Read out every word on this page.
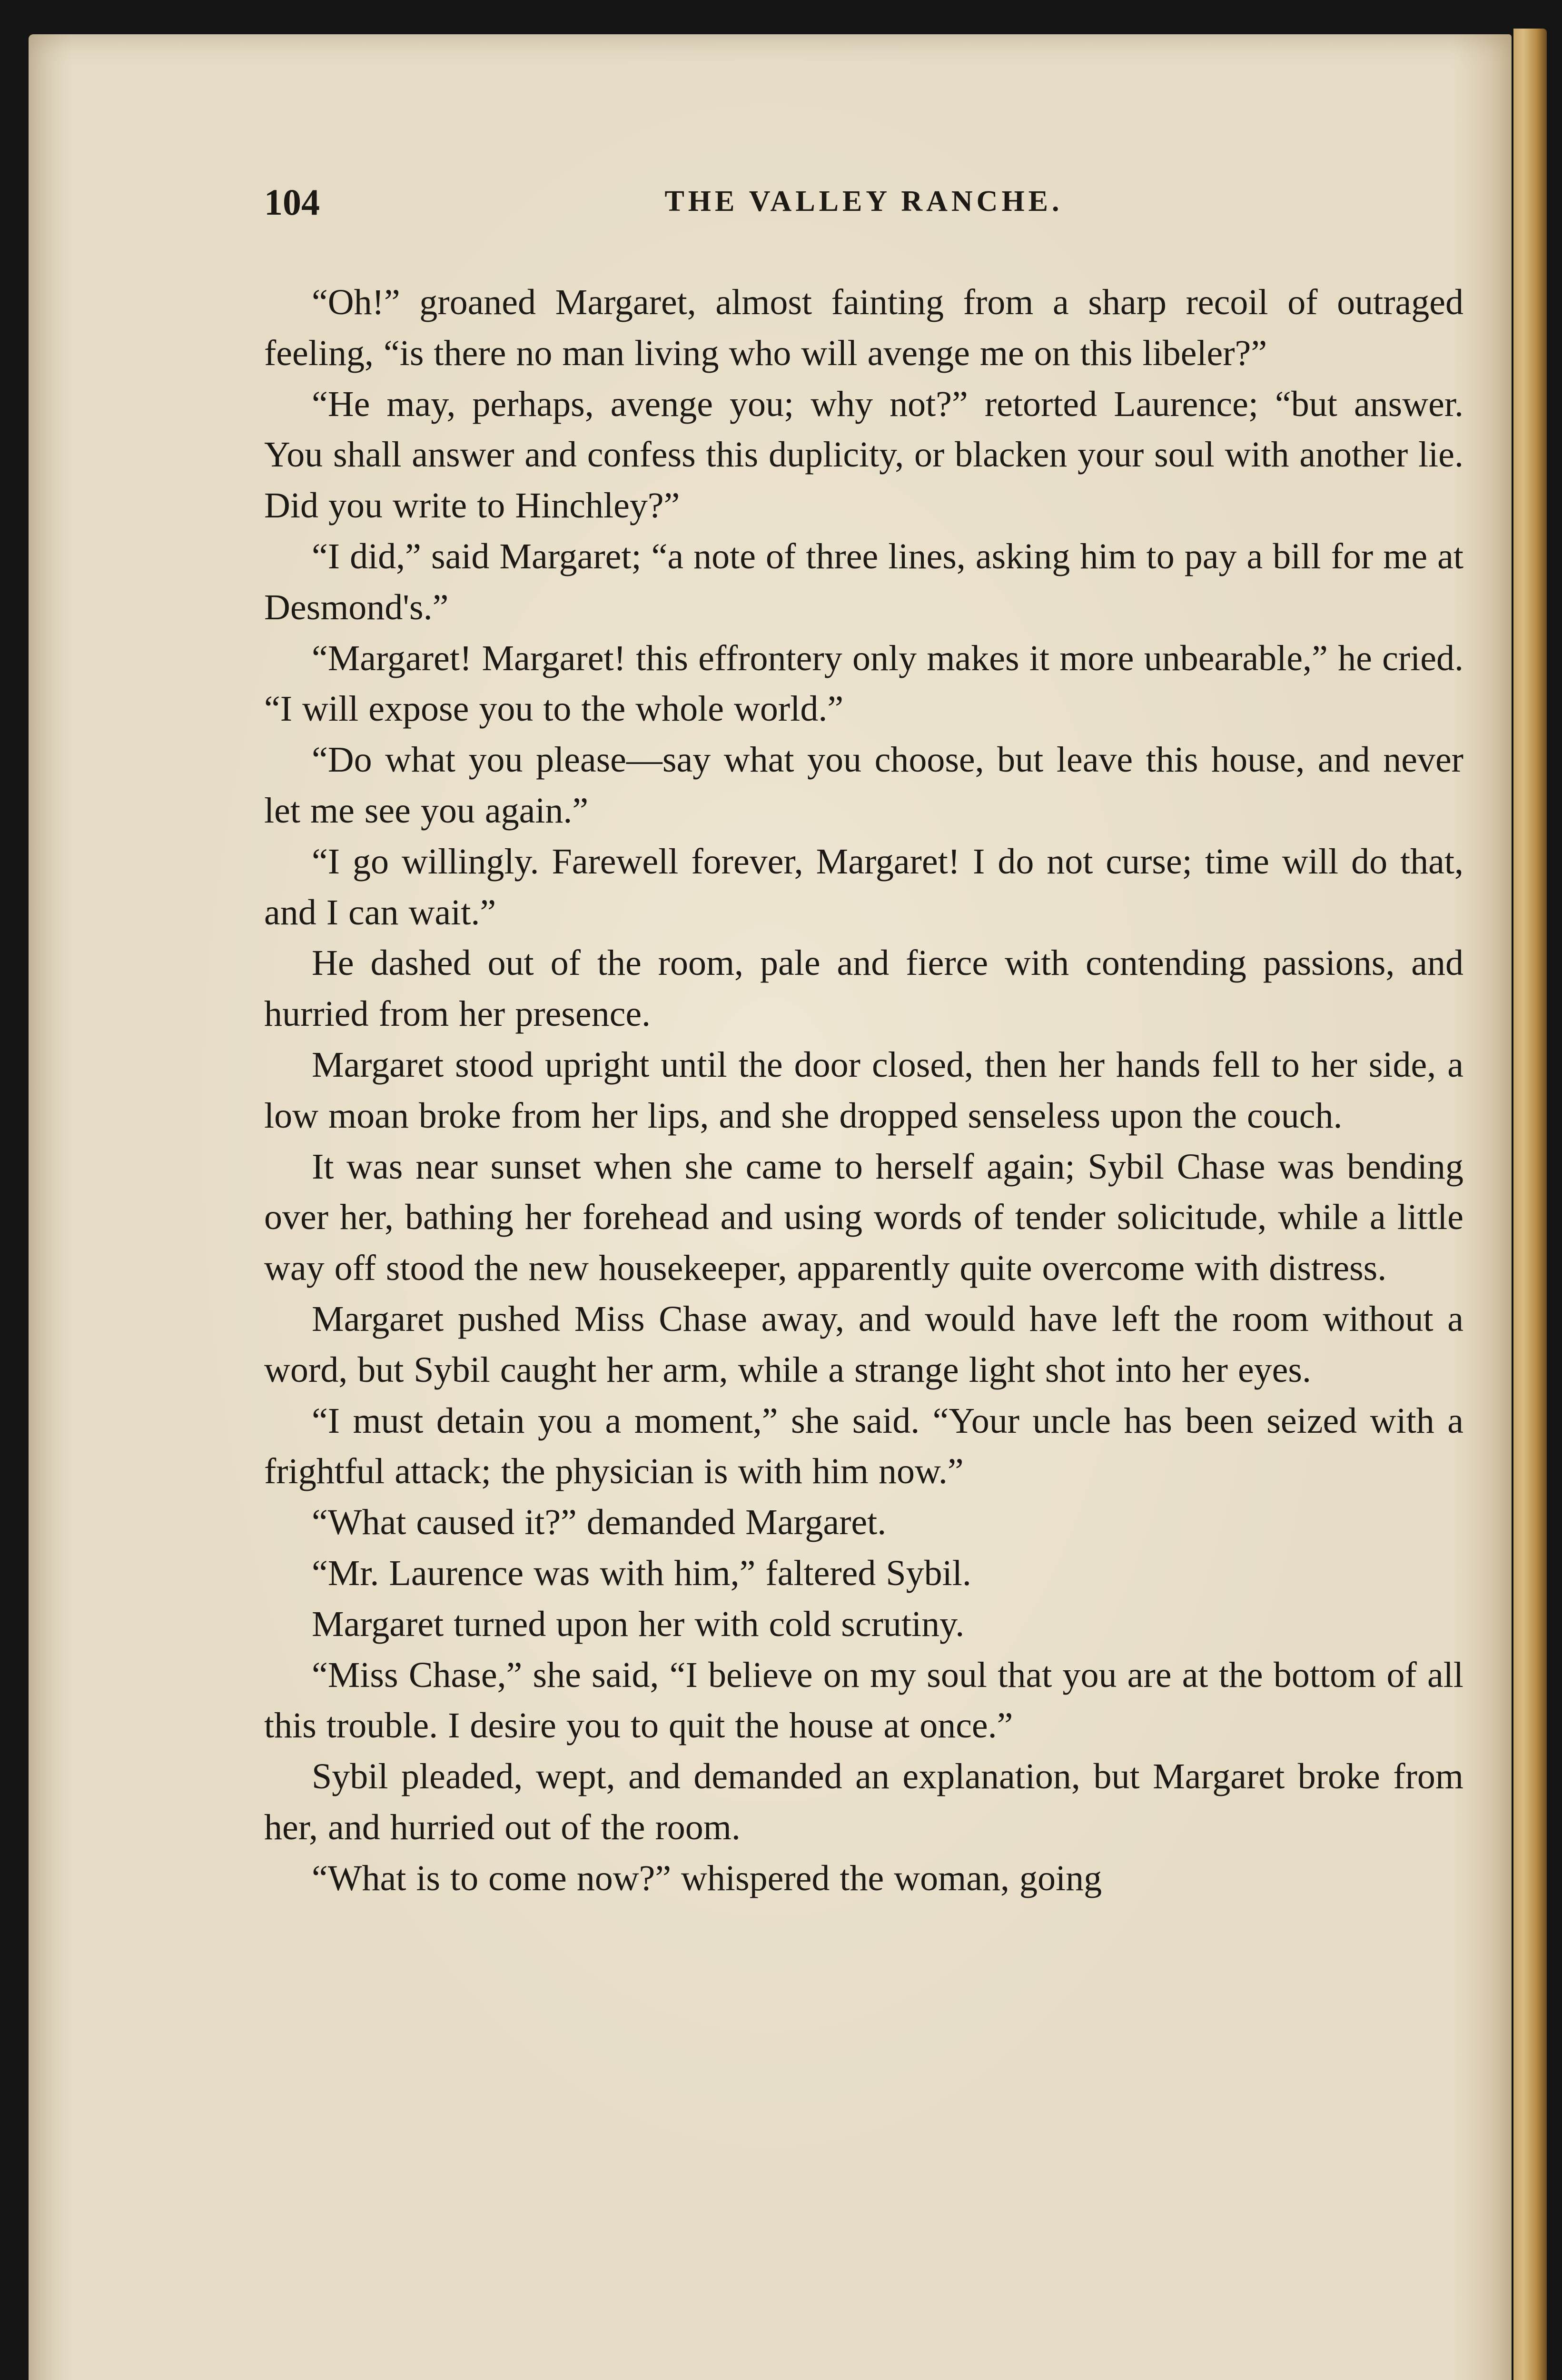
104	THE VALLEY RANCHE.

“Oh!” groaned Margaret, almost fainting from a sharp recoil of outraged feeling, “is there no man living who will avenge me on this libeler?”

“He may, perhaps, avenge you; why not?” retorted Laurence; “but answer. You shall answer and confess this duplicity, or blacken your soul with another lie. Did you write to Hinchley?”

“I did,” said Margaret; “a note of three lines, asking him to pay a bill for me at Desmond's.”

“Margaret! Margaret! this effrontery only makes it more unbearable,” he cried. “I will expose you to the whole world.”

“Do what you please—say what you choose, but leave this house, and never let me see you again.”

“I go willingly. Farewell forever, Margaret! I do not curse; time will do that, and I can wait.”

He dashed out of the room, pale and fierce with contending passions, and hurried from her presence.

Margaret stood upright until the door closed, then her hands fell to her side, a low moan broke from her lips, and she dropped senseless upon the couch.

It was near sunset when she came to herself again; Sybil Chase was bending over her, bathing her forehead and using words of tender solicitude, while a little way off stood the new housekeeper, apparently quite overcome with distress.

Margaret pushed Miss Chase away, and would have left the room without a word, but Sybil caught her arm, while a strange light shot into her eyes.

“I must detain you a moment,” she said. “Your uncle has been seized with a frightful attack; the physician is with him now.”

“What caused it?” demanded Margaret.

“Mr. Laurence was with him,” faltered Sybil.

Margaret turned upon her with cold scrutiny.

“Miss Chase,” she said, “I believe on my soul that you are at the bottom of all this trouble. I desire you to quit the house at once.”

Sybil pleaded, wept, and demanded an explanation, but Margaret broke from her, and hurried out of the room.

“What is to come now?” whispered the woman, going
